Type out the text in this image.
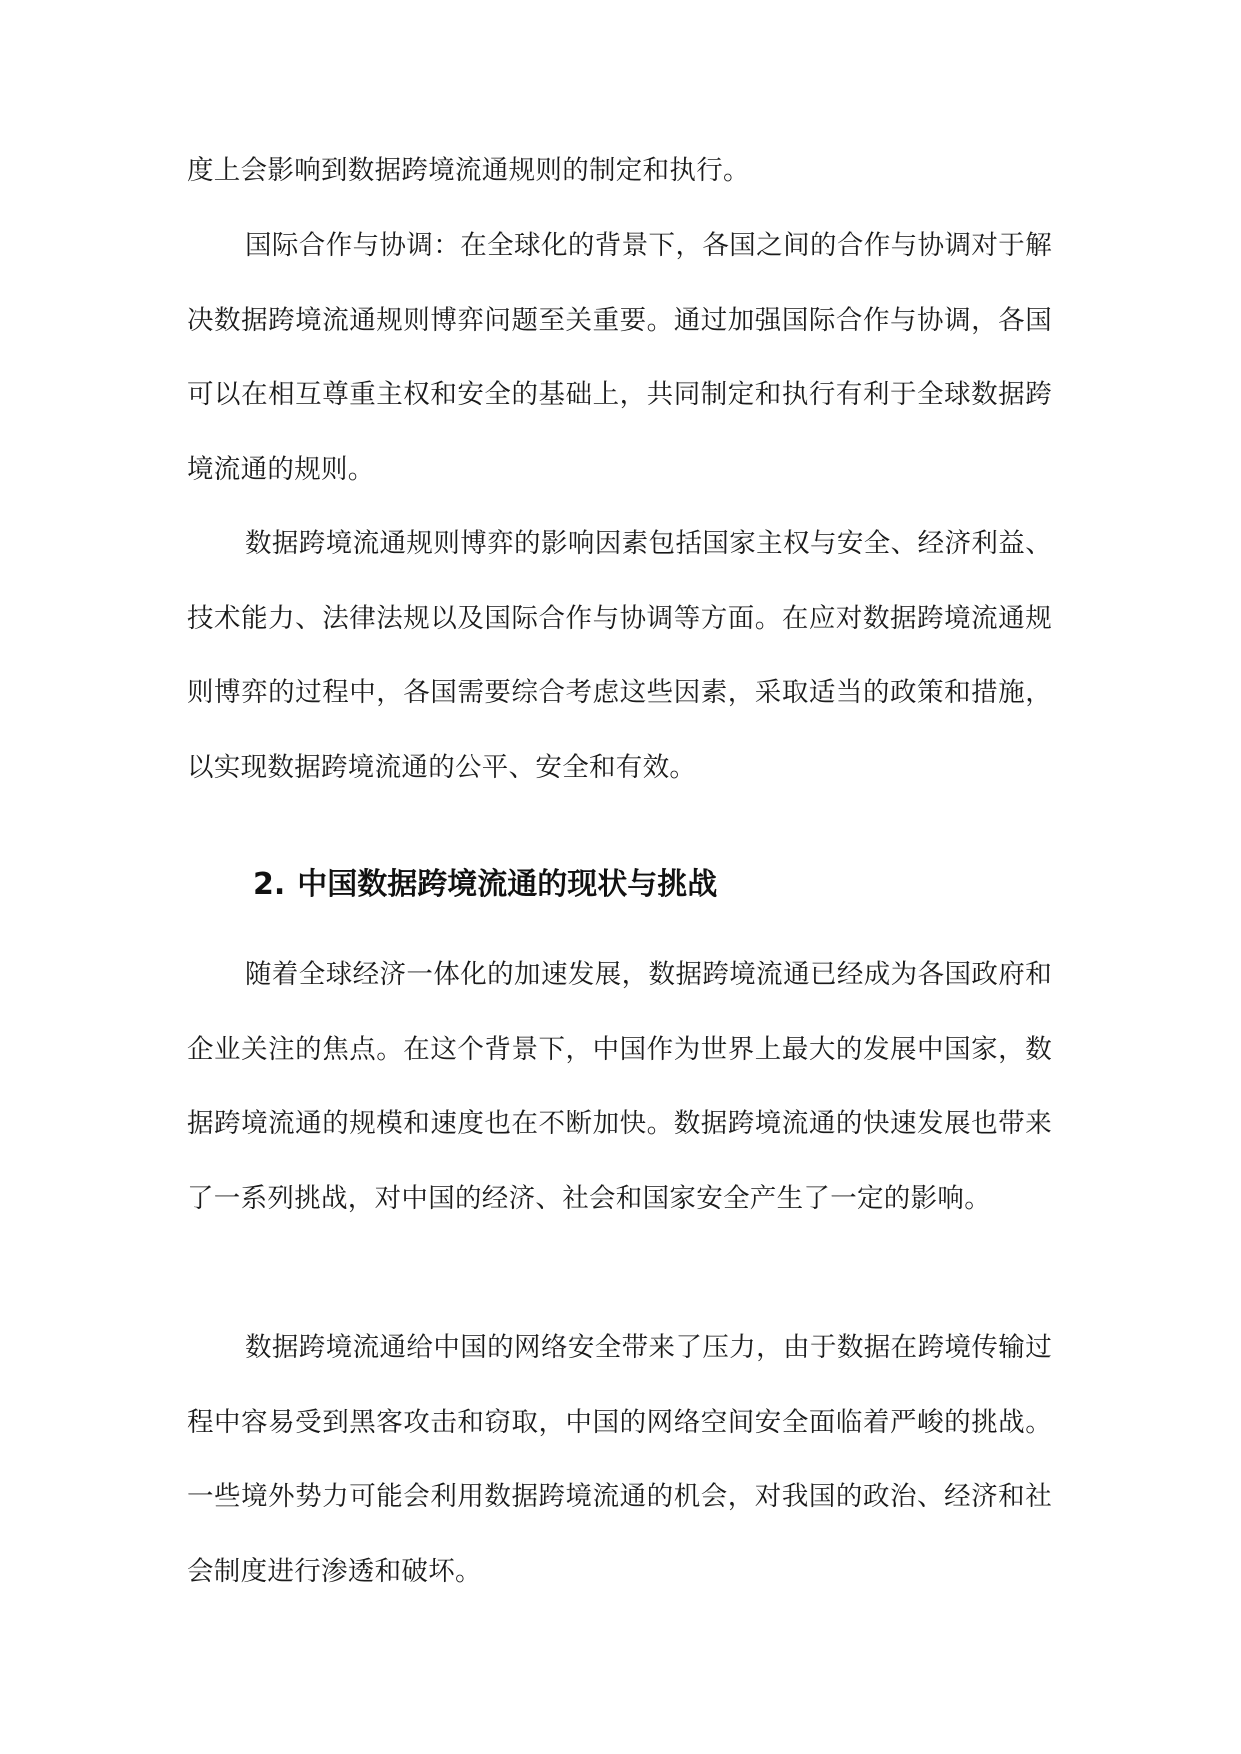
度上会影响到数据跨境流通规则的制定和执行。

国际合作与协调：在全球化的背景下，各国之间的合作与协调对于解决数据跨境流通规则博弈问题至关重要。通过加强国际合作与协调，各国可以在相互尊重主权和安全的基础上，共同制定和执行有利于全球数据跨境流通的规则。

数据跨境流通规则博弈的影响因素包括国家主权与安全、经济利益、技术能力、法律法规以及国际合作与协调等方面。在应对数据跨境流通规则博弈的过程中，各国需要综合考虑这些因素，采取适当的政策和措施，以实现数据跨境流通的公平、安全和有效。

2. 中国数据跨境流通的现状与挑战

随着全球经济一体化的加速发展，数据跨境流通已经成为各国政府和企业关注的焦点。在这个背景下，中国作为世界上最大的发展中国家，数据跨境流通的规模和速度也在不断加快。数据跨境流通的快速发展也带来了一系列挑战，对中国的经济、社会和国家安全产生了一定的影响。

数据跨境流通给中国的网络安全带来了压力，由于数据在跨境传输过程中容易受到黑客攻击和窃取，中国的网络空间安全面临着严峻的挑战。一些境外势力可能会利用数据跨境流通的机会，对我国的政治、经济和社会制度进行渗透和破坏。
